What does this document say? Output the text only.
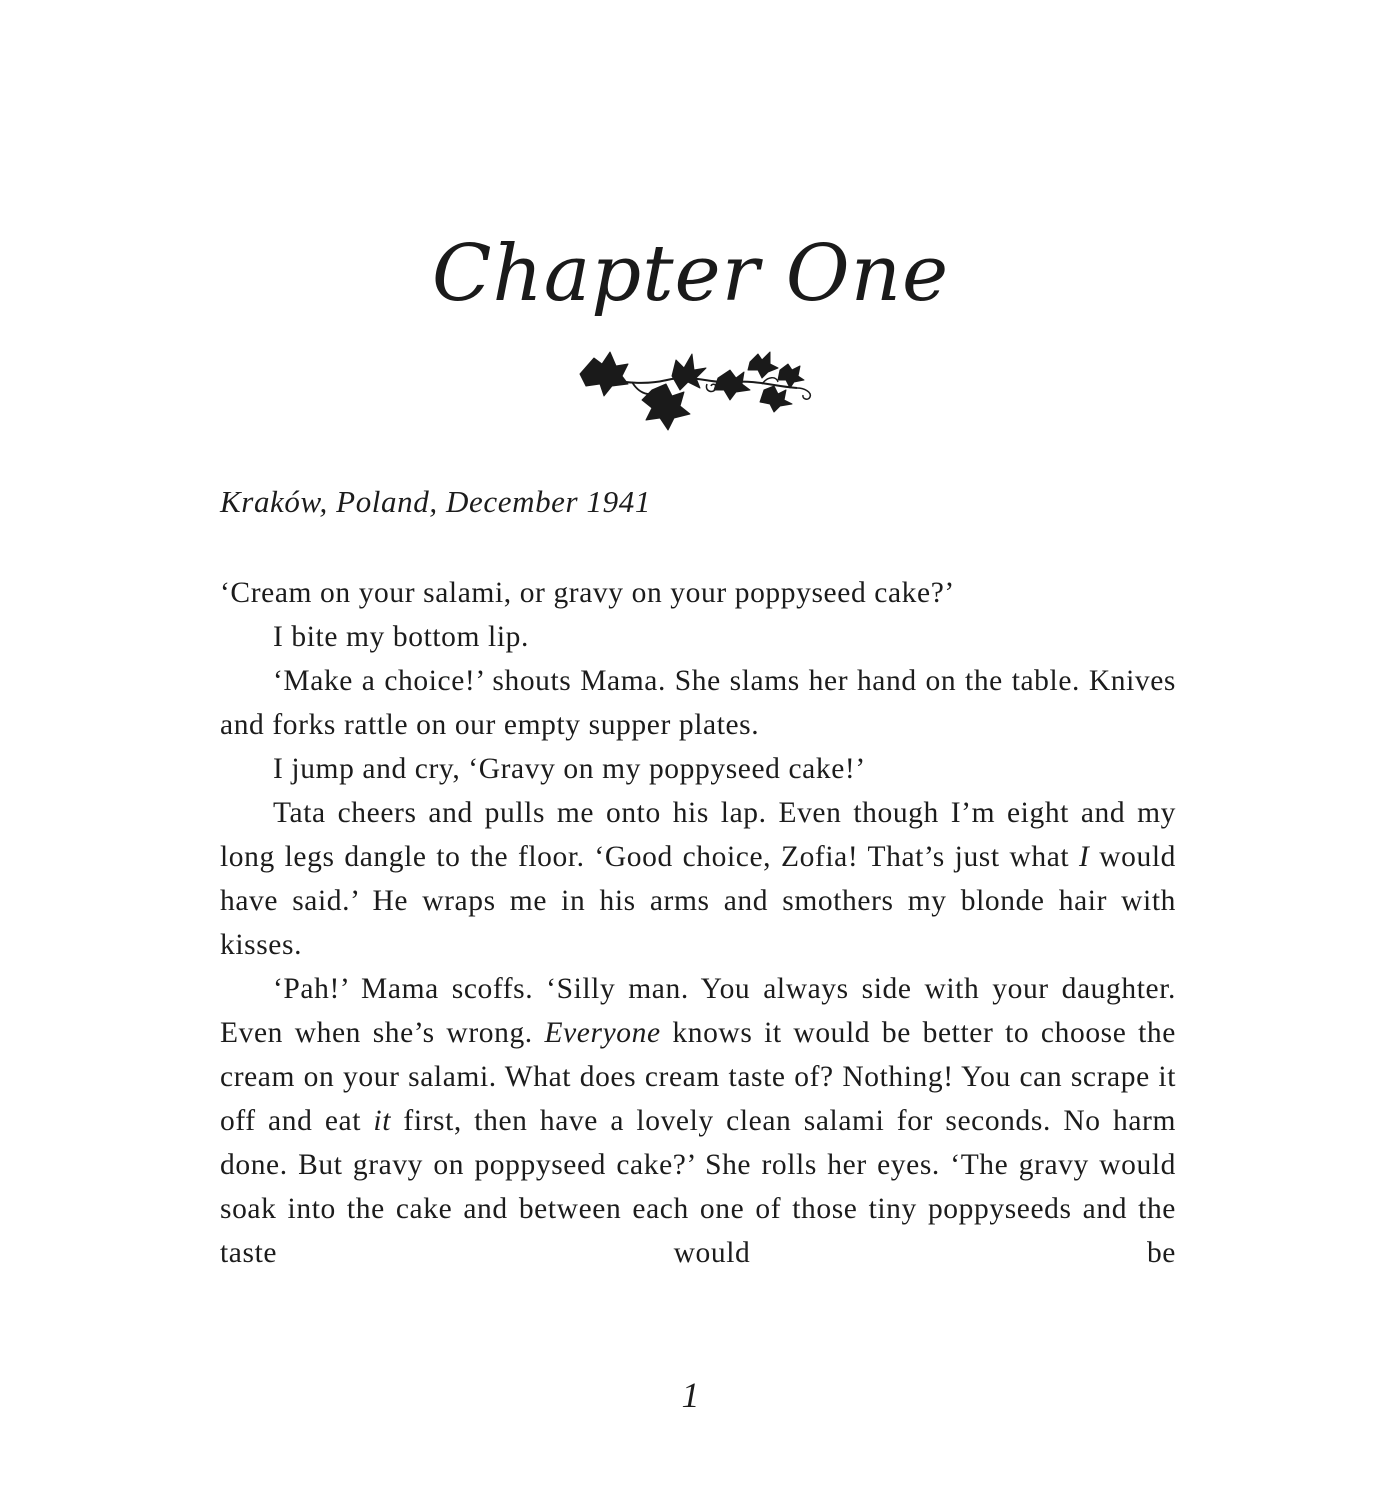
Chapter One

Kraków, Poland, December 1941

‘Cream on your salami, or gravy on your poppyseed cake?’

I bite my bottom lip.

‘Make a choice!’ shouts Mama. She slams her hand on the table. Knives and forks rattle on our empty supper plates.

I jump and cry, ‘Gravy on my poppyseed cake!’

Tata cheers and pulls me onto his lap. Even though I’m eight and my long legs dangle to the floor. ‘Good choice, Zofia! That’s just what I would have said.’ He wraps me in his arms and smothers my blonde hair with kisses.

‘Pah!’ Mama scoffs. ‘Silly man. You always side with your daughter. Even when she’s wrong. Everyone knows it would be better to choose the cream on your salami. What does cream taste of? Nothing! You can scrape it off and eat it first, then have a lovely clean salami for seconds. No harm done. But gravy on poppyseed cake?’ She rolls her eyes. ‘The gravy would soak into the cake and between each one of those tiny poppyseeds and the taste would be

1
